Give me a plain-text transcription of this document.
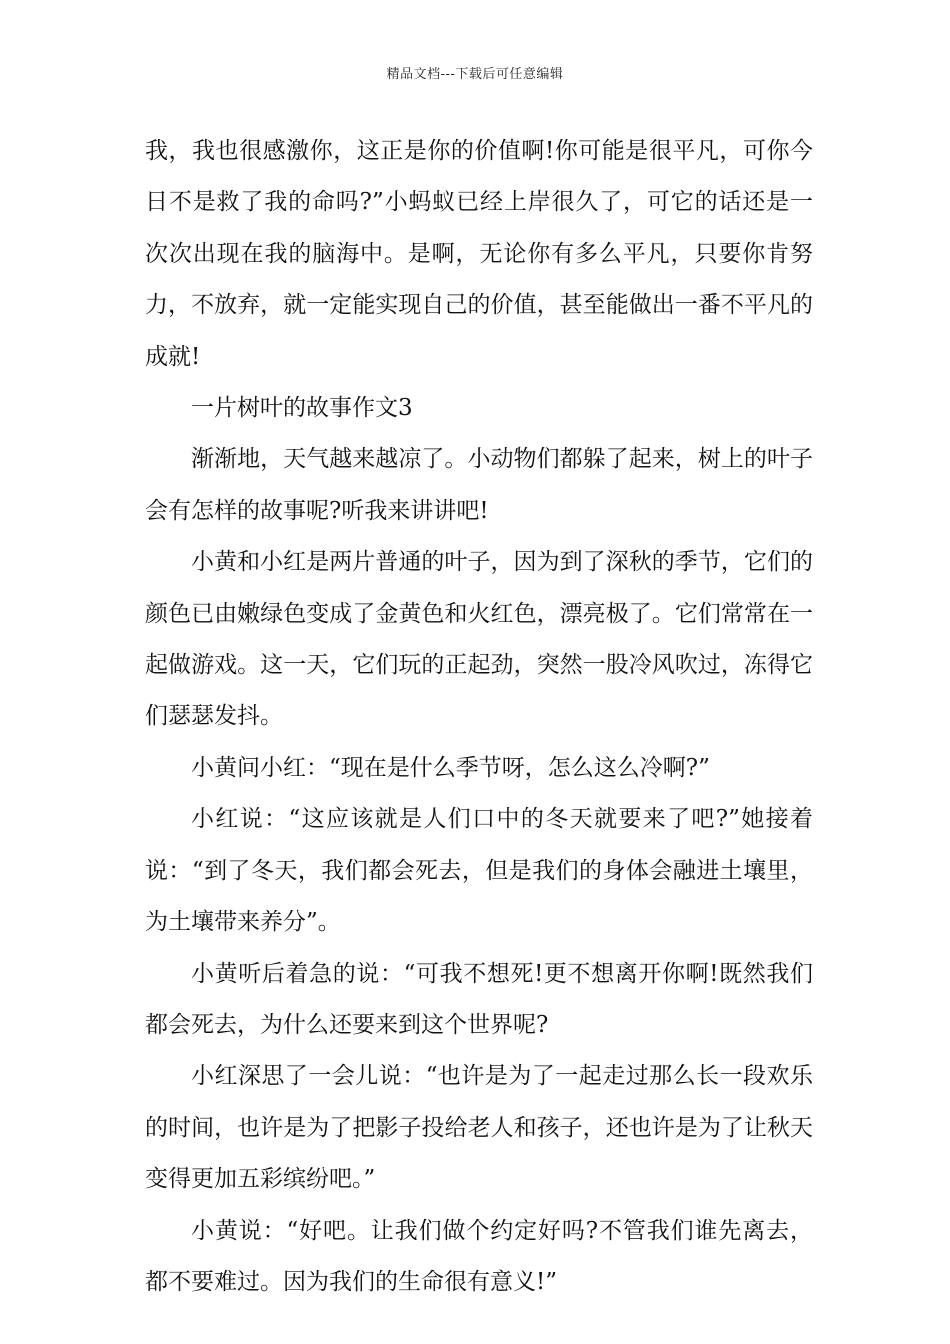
精品文档---下载后可任意编辑

我，我也很感激你，这正是你的价值啊!你可能是很平凡，可你今日不是救了我的命吗?”小蚂蚁已经上岸很久了，可它的话还是一次次出现在我的脑海中。是啊，无论你有多么平凡，只要你肯努力，不放弃，就一定能实现自己的价值，甚至能做出一番不平凡的成就!

一片树叶的故事作文3

渐渐地，天气越来越凉了。小动物们都躲了起来，树上的叶子会有怎样的故事呢?听我来讲讲吧!

小黄和小红是两片普通的叶子，因为到了深秋的季节，它们的颜色已由嫩绿色变成了金黄色和火红色，漂亮极了。它们常常在一起做游戏。这一天，它们玩的正起劲，突然一股冷风吹过，冻得它们瑟瑟发抖。

小黄问小红：“现在是什么季节呀，怎么这么冷啊?”

小红说：“这应该就是人们口中的冬天就要来了吧?”她接着说：“到了冬天，我们都会死去，但是我们的身体会融进土壤里，为土壤带来养分”。

小黄听后着急的说：“可我不想死!更不想离开你啊!既然我们都会死去，为什么还要来到这个世界呢?

小红深思了一会儿说：“也许是为了一起走过那么长一段欢乐的时间，也许是为了把影子投给老人和孩子，还也许是为了让秋天变得更加五彩缤纷吧。”

小黄说：“好吧。让我们做个约定好吗?不管我们谁先离去，都不要难过。因为我们的生命很有意义!”
